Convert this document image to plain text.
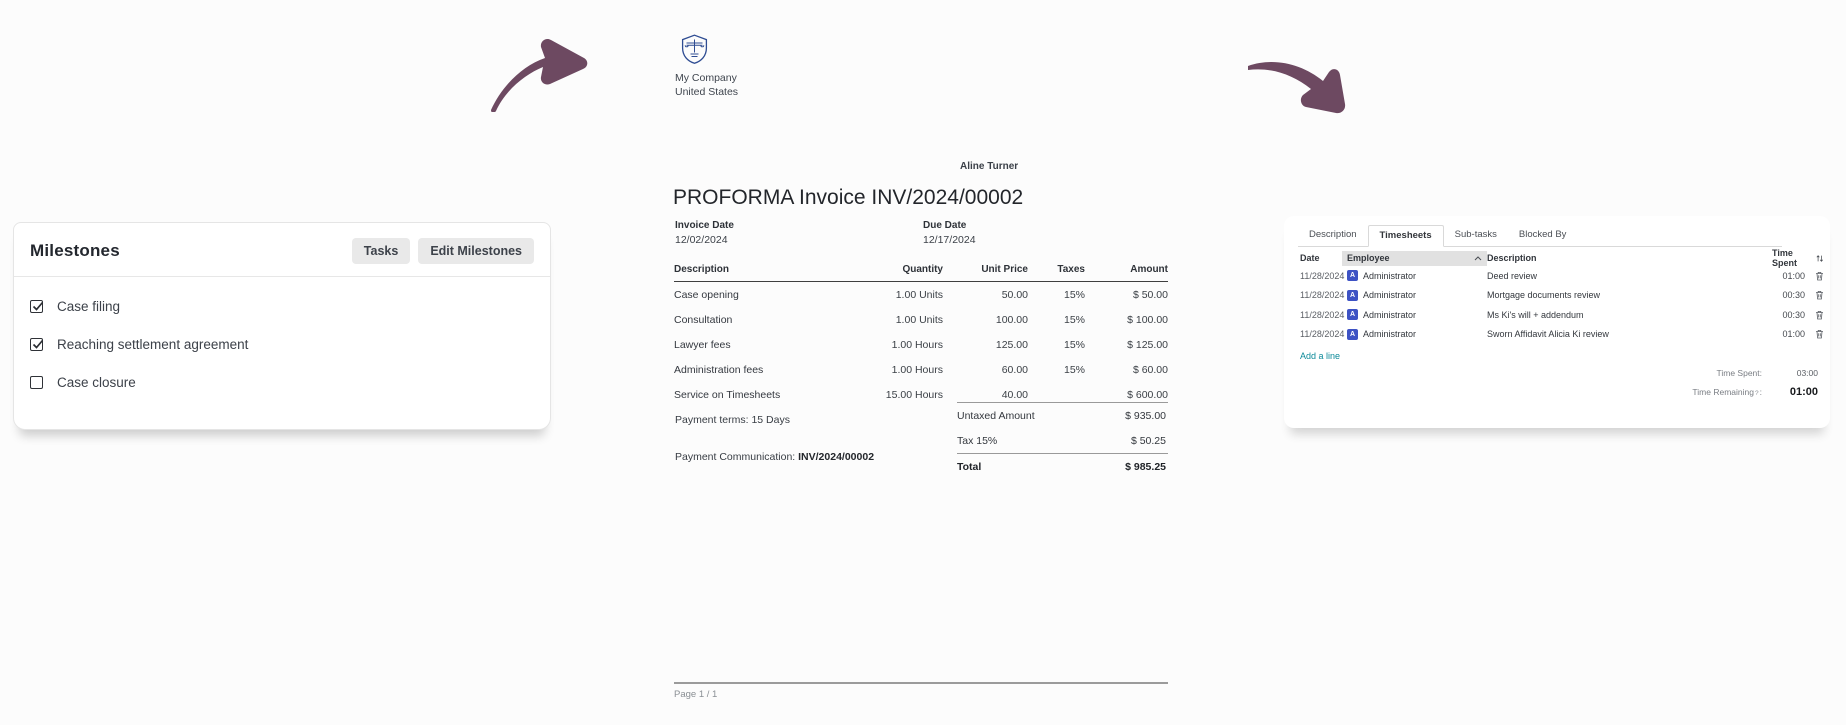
Milestones	Tasks	Edit Milestones
Case filing
Reaching settlement agreement
Case closure
My Company
United States
Aline Turner
PROFORMA Invoice INV/2024/00002
Invoice Date
12/02/2024
Due Date
12/17/2024
Description	Quantity	Unit Price	Taxes	Amount
Case opening	1.00 Units	50.00	15%	$ 50.00
Consultation	1.00 Units	100.00	15%	$ 100.00
Lawyer fees	1.00 Hours	125.00	15%	$ 125.00
Administration fees	1.00 Hours	60.00	15%	$ 60.00
Service on Timesheets	15.00 Hours	40.00		$ 600.00
Payment terms: 15 Days
Payment Communication: INV/2024/00002
Untaxed Amount	$ 935.00
Tax 15%	$ 50.25
Total	$ 985.25
Page 1 / 1
Description	Timesheets	Sub-tasks	Blocked By
Date	Employee	Description	Time Spent
11/28/2024 A Administrator	Deed review	01:00
11/28/2024 A Administrator	Mortgage documents review	00:30
11/28/2024 A Administrator	Ms Ki's will + addendum	00:30
11/28/2024 A Administrator	Sworn Affidavit Alicia Ki review	01:00
Add a line
Time Spent:	03:00
Time Remaining ? :	01:00
